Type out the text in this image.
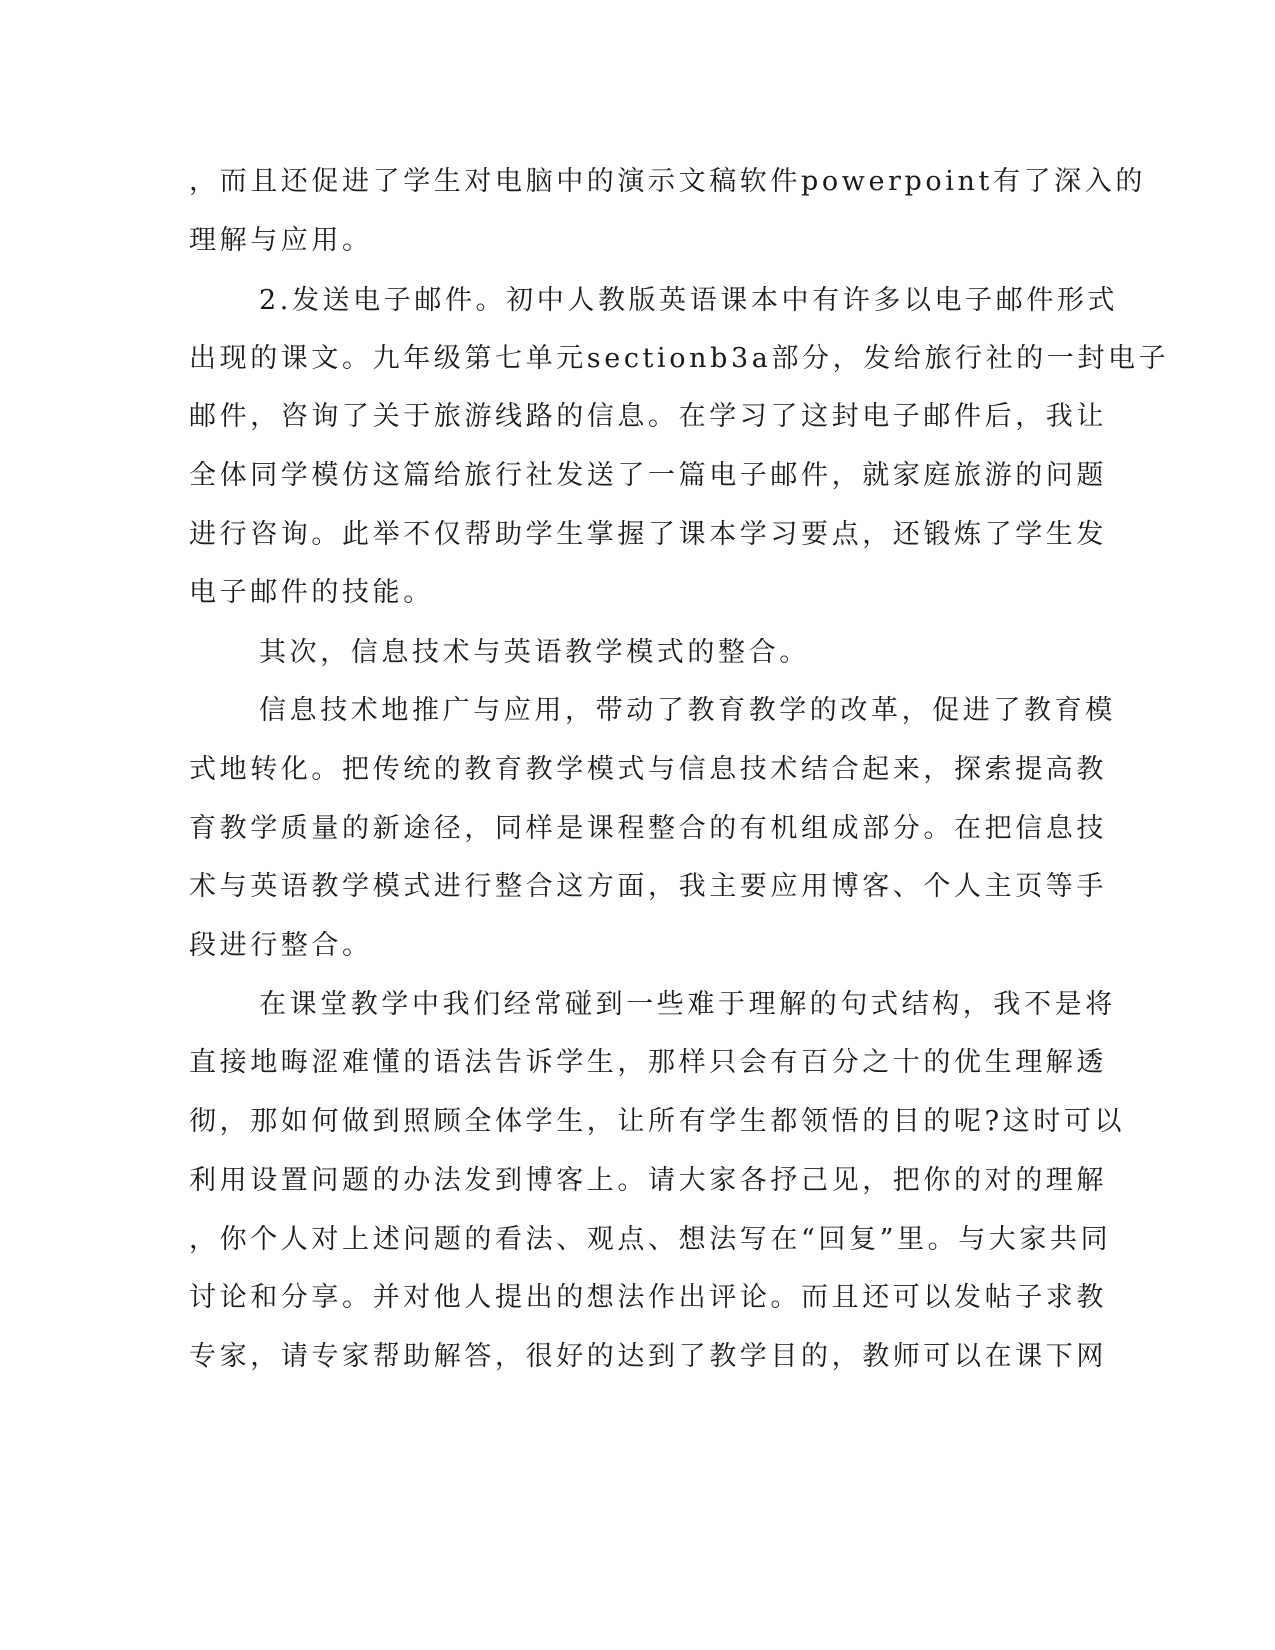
，而且还促进了学生对电脑中的演示文稿软件powerpoint有了深入的
理解与应用。
2.发送电子邮件。初中人教版英语课本中有许多以电子邮件形式
出现的课文。九年级第七单元sectionb3a部分，发给旅行社的一封电子
邮件，咨询了关于旅游线路的信息。在学习了这封电子邮件后，我让
全体同学模仿这篇给旅行社发送了一篇电子邮件，就家庭旅游的问题
进行咨询。此举不仅帮助学生掌握了课本学习要点，还锻炼了学生发
电子邮件的技能。
其次，信息技术与英语教学模式的整合。
信息技术地推广与应用，带动了教育教学的改革，促进了教育模
式地转化。把传统的教育教学模式与信息技术结合起来，探索提高教
育教学质量的新途径，同样是课程整合的有机组成部分。在把信息技
术与英语教学模式进行整合这方面，我主要应用博客、个人主页等手
段进行整合。
在课堂教学中我们经常碰到一些难于理解的句式结构，我不是将
直接地晦涩难懂的语法告诉学生，那样只会有百分之十的优生理解透
彻，那如何做到照顾全体学生，让所有学生都领悟的目的呢?这时可以
利用设置问题的办法发到博客上。请大家各抒己见，把你的对的理解
，你个人对上述问题的看法、观点、想法写在“回复”里。与大家共同
讨论和分享。并对他人提出的想法作出评论。而且还可以发帖子求教
专家，请专家帮助解答，很好的达到了教学目的，教师可以在课下网
